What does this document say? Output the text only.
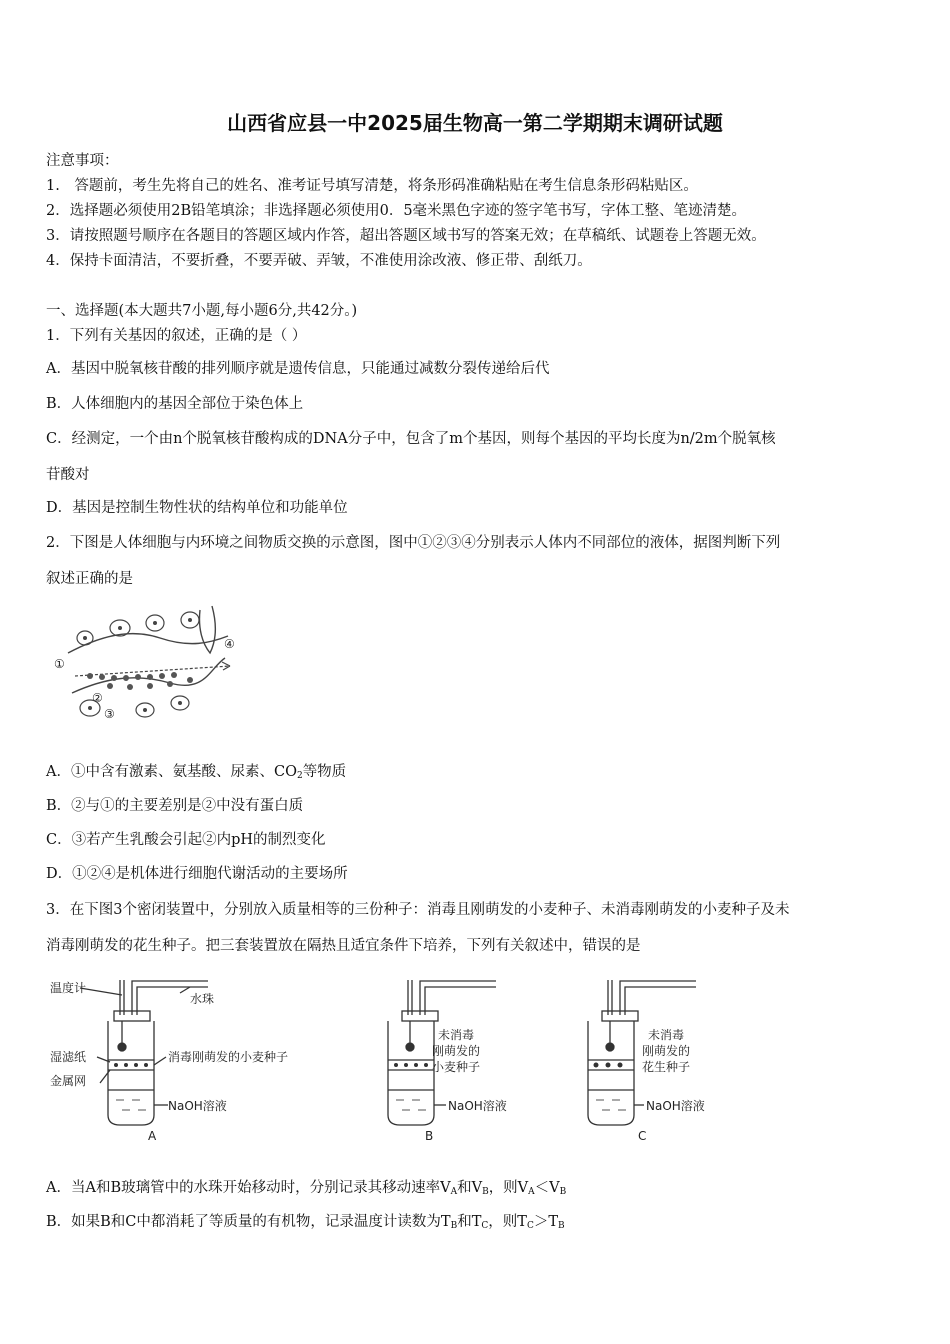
山西省应县一中2025届生物高一第二学期期末调研试题
注意事项：
1.　答题前，考生先将自己的姓名、准考证号填写清楚，将条形码准确粘贴在考生信息条形码粘贴区。
2．选择题必须使用2B铅笔填涂；非选择题必须使用0．5毫米黑色字迹的签字笔书写，字体工整、笔迹清楚。
3．请按照题号顺序在各题目的答题区域内作答，超出答题区域书写的答案无效；在草稿纸、试题卷上答题无效。
4．保持卡面清洁，不要折叠，不要弄破、弄皱，不准使用涂改液、修正带、刮纸刀。
一、选择题(本大题共7小题,每小题6分,共42分。)
1．下列有关基因的叙述，正确的是（ ）
A．基因中脱氧核苷酸的排列顺序就是遗传信息，只能通过减数分裂传递给后代
B．人体细胞内的基因全部位于染色体上
C．经测定，一个由n个脱氧核苷酸构成的DNA分子中，包含了m个基因，则每个基因的平均长度为n/2m个脱氧核
苷酸对
D．基因是控制生物性状的结构单位和功能单位
2．下图是人体细胞与内环境之间物质交换的示意图，图中①②③④分别表示人体内不同部位的液体，据图判断下列
叙述正确的是
①
②
③
④
A．①中含有激素、氨基酸、尿素、$CO_2$等物质
B．②与①的主要差别是②中没有蛋白质
C．③若产生乳酸会引起②内pH的制烈变化
D．①②④是机体进行细胞代谢活动的主要场所
3．在下图3个密闭装置中，分别放入质量相等的三份种子：消毒且刚萌发的小麦种子、未消毒刚萌发的小麦种子及未
消毒刚萌发的花生种子。把三套装置放在隔热且适宜条件下培养，下列有关叙述中，错误的是
温度计
水珠
湿滤纸
金属网
消毒刚萌发的小麦种子
NaOH溶液
A
未消毒
刚萌发的
小麦种子
NaOH溶液
B
未消毒
刚萌发的
花生种子
NaOH溶液
C
A．当A和B玻璃管中的水珠开始移动时，分别记录其移动速率$V_A$和$V_B$，则$V_A<V_B$
B．如果B和C中都消耗了等质量的有机物，记录温度计读数为$T_B$和$T_C$，则$T_C>T_B$
